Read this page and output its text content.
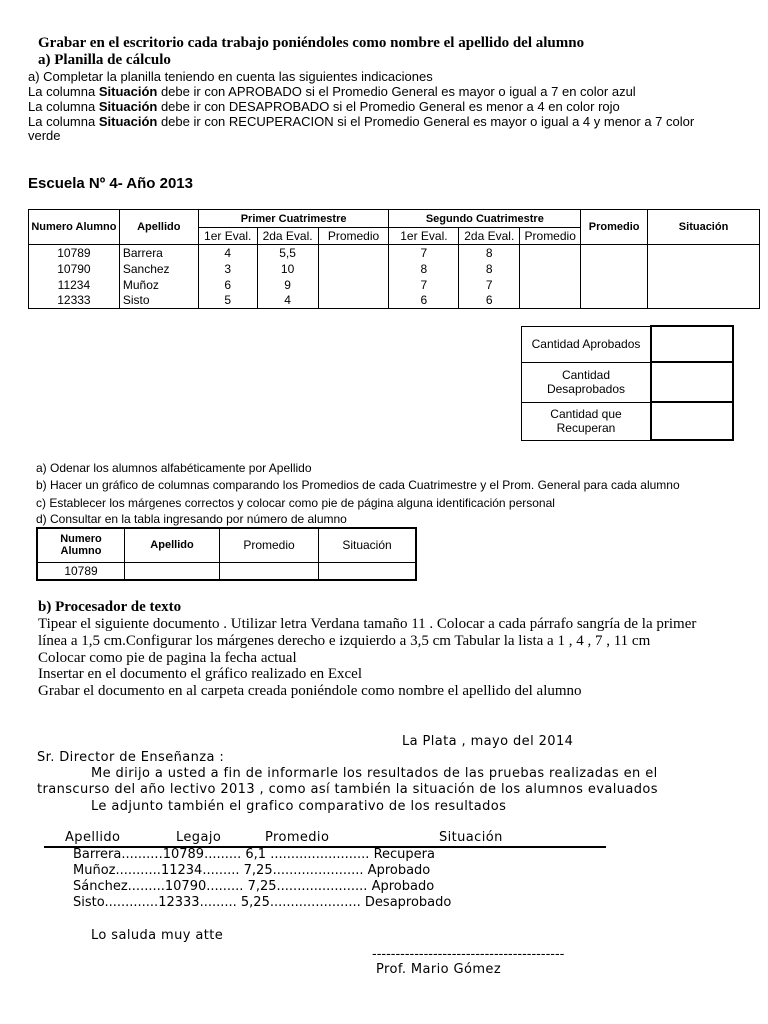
Grabar en el escritorio cada trabajo poniéndoles como nombre el apellido del alumno
a) Planilla de cálculo
a) Completar la planilla teniendo en cuenta las siguientes indicaciones
La columna Situación debe ir con APROBADO si el Promedio General es mayor o igual a 7 en color azul
La columna Situación debe ir con DESAPROBADO si el Promedio General es menor a 4 en color rojo
La columna Situación debe ir con RECUPERACION si el Promedio General es mayor o igual a 4 y menor a 7 color
verde
Escuela Nº 4- Año 2013
Numero Alumno	Apellido	Primer Cuatrimestre			Segundo Cuatrimestre			Promedio	Situación
		1er Eval.	2da Eval.	Promedio	1er Eval.	2da Eval.	Promedio		
10789	Barrera	4	5,5		7	8			
10790	Sanchez	3	10		8	8			
11234	Muñoz	6	9		7	7			
12333	Sisto	5	4		6	6			
Cantidad Aprobados	
Cantidad Desaprobados	
Cantidad que Recuperan	
a) Odenar los alumnos alfabéticamente por Apellido
b) Hacer un gráfico de columnas comparando los Promedios de cada Cuatrimestre y el Prom. General para cada alumno
c) Establecer los márgenes correctos y colocar como pie de página alguna identificación personal
d) Consultar en la tabla ingresando por número de alumno
Numero Alumno	Apellido	Promedio	Situación
10789			
b) Procesador de texto
Tipear el siguiente documento . Utilizar letra Verdana tamaño 11 . Colocar a cada párrafo sangría de la primer
línea a 1,5 cm.Configurar los márgenes derecho e izquierdo a 3,5 cm Tabular la lista a 1 , 4 , 7 , 11 cm
Colocar como pie de pagina la fecha actual
Insertar en el documento el gráfico realizado en Excel
Grabar el documento en al carpeta creada poniéndole como nombre el apellido del alumno
La Plata , mayo del 2014
Sr. Director de Enseñanza :
Me dirijo a usted a fin de informarle los resultados de las pruebas realizadas en el
transcurso del año lectivo 2013 , como así también la situación de los alumnos evaluados
Le adjunto también el grafico comparativo de los resultados
Apellido	Legajo	Promedio	Situación
Barrera..........10789......... 6,1 ........................ Recupera
Muñoz...........11234......... 7,25...................... Aprobado
Sánchez.........10790......... 7,25...................... Aprobado
Sisto.............12333......... 5,25...................... Desaprobado
Lo saluda muy atte
-----------------------------------------
Prof. Mario Gómez
